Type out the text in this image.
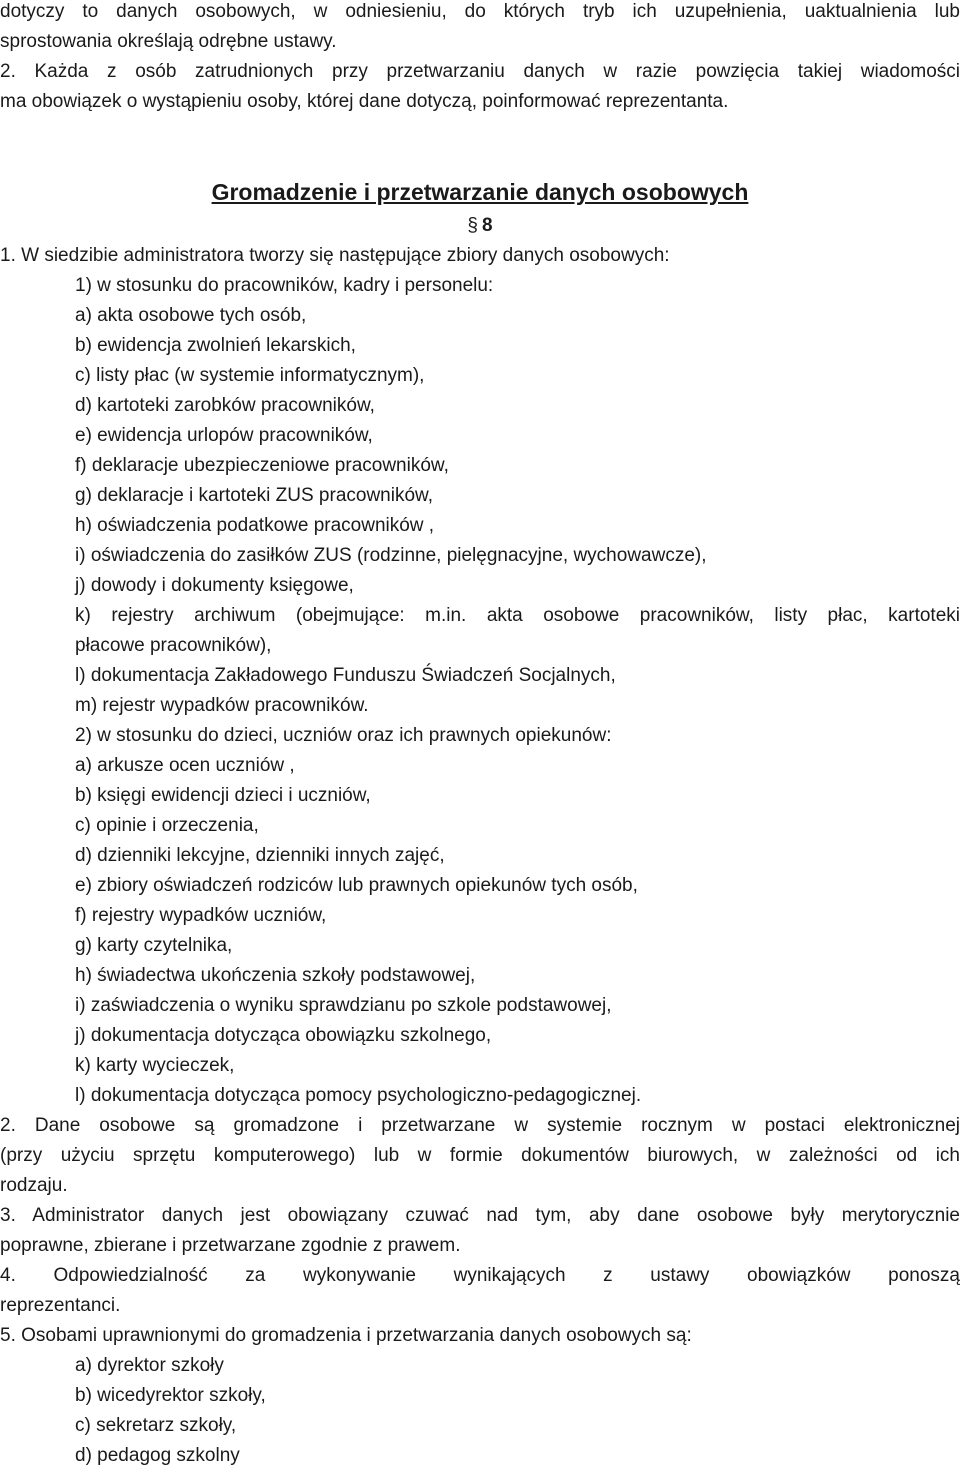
dotyczy to danych osobowych, w odniesieniu, do których tryb ich uzupełnienia, uaktualnienia lub

sprostowania określają odrębne ustawy.

2. Każda z osób zatrudnionych przy przetwarzaniu danych w razie powzięcia takiej wiadomości

ma obowiązek o wystąpieniu osoby, której dane dotyczą, poinformować reprezentanta.

Gromadzenie i przetwarzanie danych osobowych
§ 8

1. W siedzibie administratora tworzy się następujące zbiory danych osobowych:

1) w stosunku do pracowników, kadry i personelu:

a) akta osobowe tych osób,

b) ewidencja zwolnień lekarskich,

c) listy płac (w systemie informatycznym),

d) kartoteki zarobków pracowników,

e) ewidencja urlopów pracowników,

f) deklaracje ubezpieczeniowe pracowników,

g) deklaracje i kartoteki ZUS pracowników,

h) oświadczenia podatkowe pracowników ,

i) oświadczenia do zasiłków ZUS (rodzinne, pielęgnacyjne, wychowawcze),

j) dowody i dokumenty księgowe,

k) rejestry archiwum (obejmujące: m.in. akta osobowe pracowników, listy płac, kartoteki

płacowe pracowników),

l) dokumentacja Zakładowego Funduszu Świadczeń Socjalnych,

m) rejestr wypadków pracowników.

2) w stosunku do dzieci, uczniów oraz ich prawnych opiekunów:

a) arkusze ocen uczniów ,

b) księgi ewidencji dzieci i uczniów,

c) opinie i orzeczenia,

d) dzienniki lekcyjne, dzienniki innych zajęć,

e) zbiory oświadczeń rodziców lub prawnych opiekunów tych osób,

f) rejestry wypadków uczniów,

g) karty czytelnika,

h) świadectwa ukończenia szkoły podstawowej,

i) zaświadczenia o wyniku sprawdzianu po szkole podstawowej,

j) dokumentacja dotycząca obowiązku szkolnego,

k) karty wycieczek,

l) dokumentacja dotycząca pomocy psychologiczno-pedagogicznej.

2. Dane osobowe są gromadzone i przetwarzane w systemie rocznym w postaci elektronicznej

(przy użyciu sprzętu komputerowego) lub w formie dokumentów biurowych, w zależności od ich

rodzaju.

3. Administrator danych jest obowiązany czuwać nad tym, aby dane osobowe były merytorycznie

poprawne, zbierane i przetwarzane zgodnie z prawem.

4. Odpowiedzialność za wykonywanie wynikających z ustawy obowiązków ponoszą

reprezentanci.

5. Osobami uprawnionymi do gromadzenia i przetwarzania danych osobowych są:

a) dyrektor szkoły

b) wicedyrektor szkoły,

c) sekretarz szkoły,

d) pedagog szkolny
